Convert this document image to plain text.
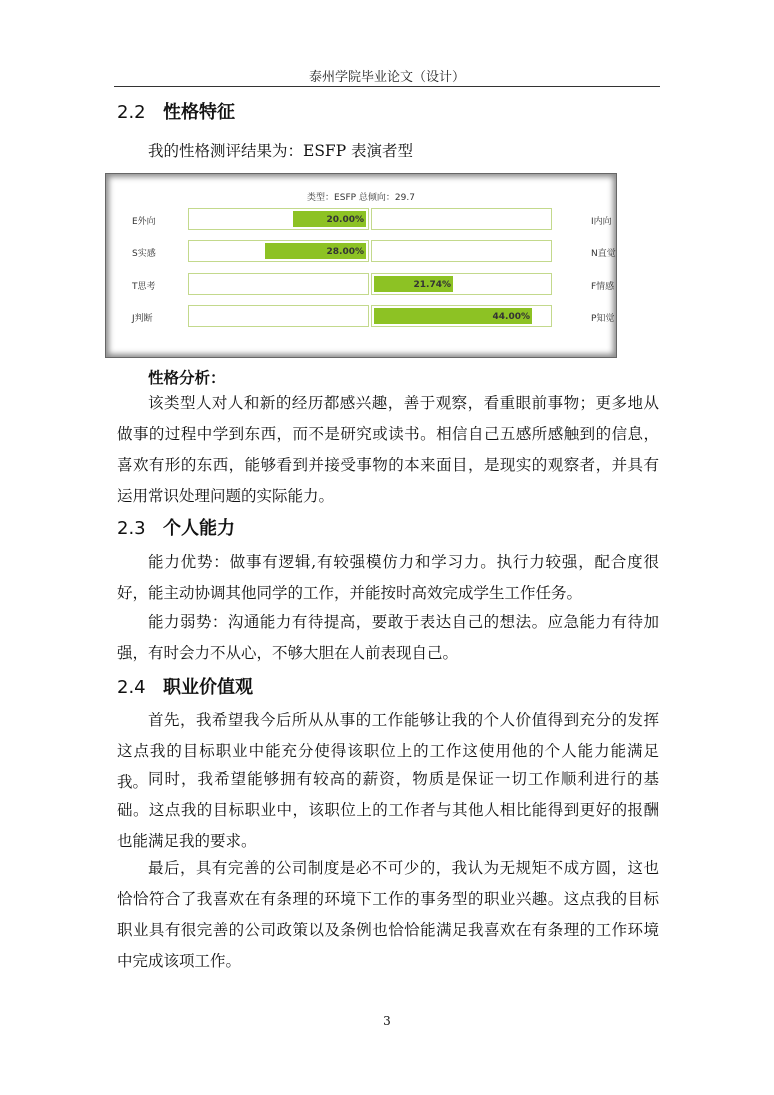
泰州学院毕业论文（设计）
2.2 性格特征
我的性格测评结果为：ESFP 表演者型
类型：ESFP 总倾向：29.7
E外向	20.00%	I内向
S实感	28.00%	N直觉
T思考	21.74%	F情感
J判断	44.00%	P知觉
性格分析：
该类型人对人和新的经历都感兴趣，善于观察，看重眼前事物；更多地从做事的过程中学到东西，而不是研究或读书。相信自己五感所感触到的信息，喜欢有形的东西，能够看到并接受事物的本来面目，是现实的观察者，并具有运用常识处理问题的实际能力。
2.3 个人能力
能力优势：做事有逻辑,有较强模仿力和学习力。执行力较强，配合度很好，能主动协调其他同学的工作，并能按时高效完成学生工作任务。
能力弱势：沟通能力有待提高，要敢于表达自己的想法。应急能力有待加强，有时会力不从心，不够大胆在人前表现自己。
2.4 职业价值观
首先，我希望我今后所从从事的工作能够让我的个人价值得到充分的发挥这点我的目标职业中能充分使得该职位上的工作这使用他的个人能力能满足我。 同时，我希望能够拥有较高的薪资，物质是保证一切工作顺利进行的基础。这点我的目标职业中，该职位上的工作者与其他人相比能得到更好的报酬也能满足我的要求。
最后，具有完善的公司制度是必不可少的，我认为无规矩不成方圆，这也恰恰符合了我喜欢在有条理的环境下工作的事务型的职业兴趣。这点我的目标职业具有很完善的公司政策以及条例也恰恰能满足我喜欢在有条理的工作环境中完成该项工作。
3
